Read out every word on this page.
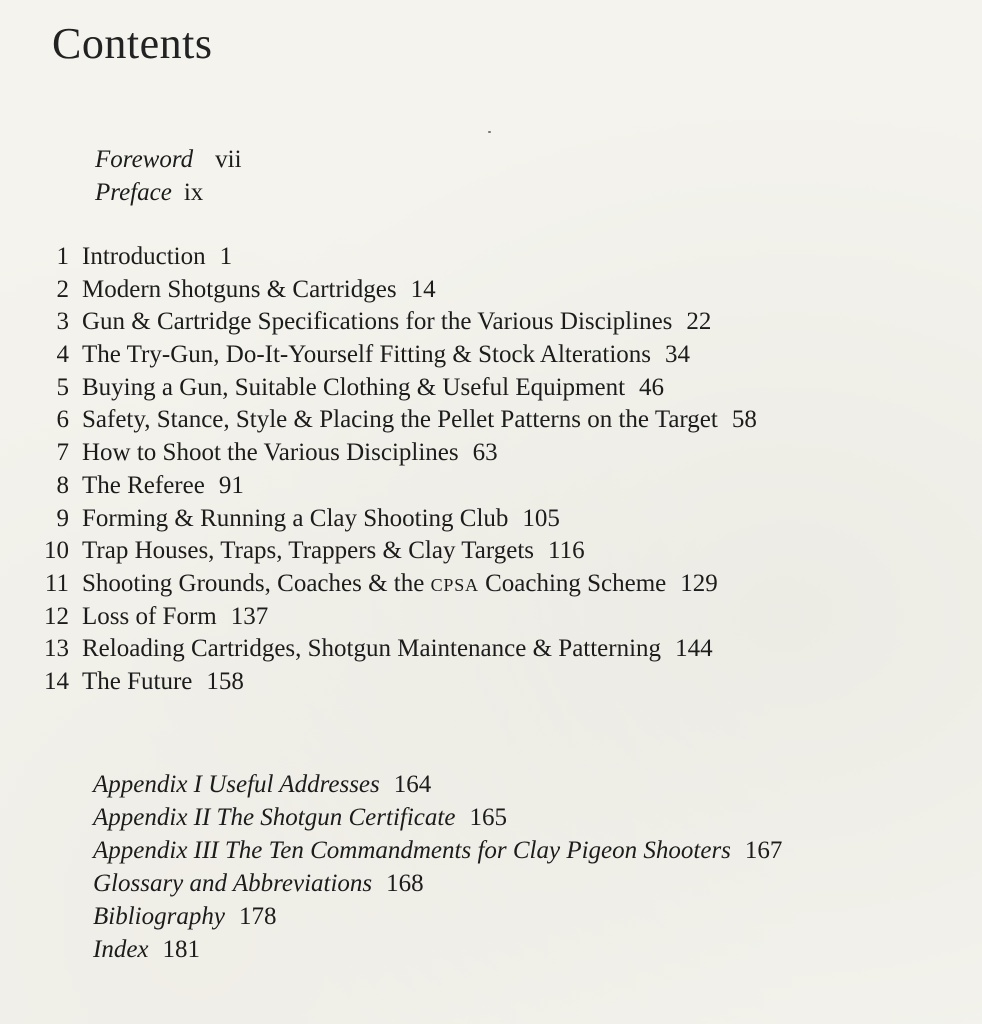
Contents
Foreword vii
Preface ix
1 Introduction 1
2 Modern Shotguns & Cartridges 14
3 Gun & Cartridge Specifications for the Various Disciplines 22
4 The Try-Gun, Do-It-Yourself Fitting & Stock Alterations 34
5 Buying a Gun, Suitable Clothing & Useful Equipment 46
6 Safety, Stance, Style & Placing the Pellet Patterns on the Target 58
7 How to Shoot the Various Disciplines 63
8 The Referee 91
9 Forming & Running a Clay Shooting Club 105
10 Trap Houses, Traps, Trappers & Clay Targets 116
11 Shooting Grounds, Coaches & the CPSA Coaching Scheme 129
12 Loss of Form 137
13 Reloading Cartridges, Shotgun Maintenance & Patterning 144
14 The Future 158
Appendix I Useful Addresses 164
Appendix II The Shotgun Certificate 165
Appendix III The Ten Commandments for Clay Pigeon Shooters 167
Glossary and Abbreviations 168
Bibliography 178
Index 181
